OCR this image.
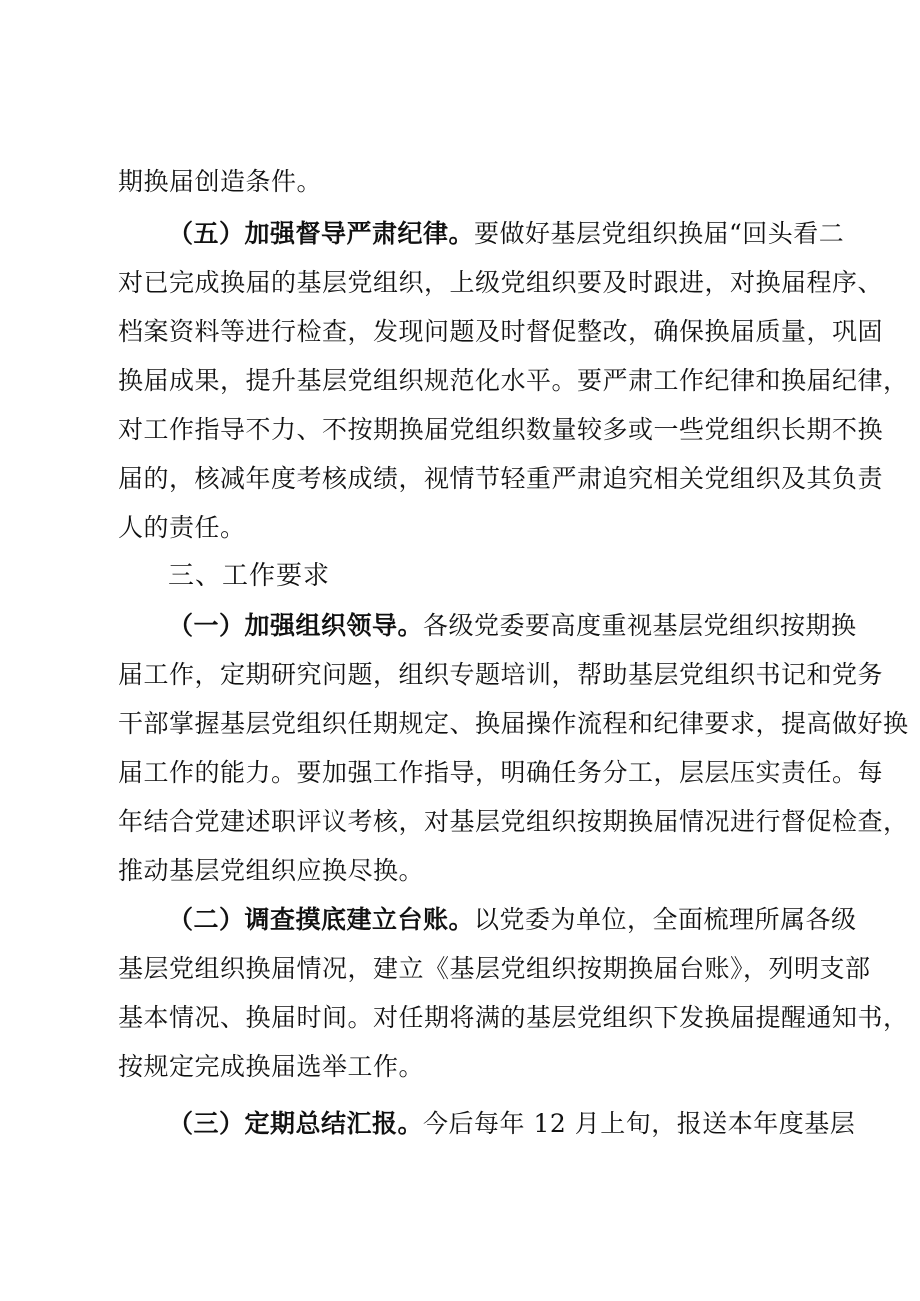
期换届创造条件。
（五）加强督导严肃纪律。要做好基层党组织换届“回头看二
对已完成换届的基层党组织，上级党组织要及时跟进，对换届程序、
档案资料等进行检查，发现问题及时督促整改，确保换届质量，巩固
换届成果，提升基层党组织规范化水平。要严肃工作纪律和换届纪律，
对工作指导不力、不按期换届党组织数量较多或一些党组织长期不换
届的，核减年度考核成绩，视情节轻重严肃追究相关党组织及其负责
人的责任。
三、工作要求
（一）加强组织领导。各级党委要高度重视基层党组织按期换
届工作，定期研究问题，组织专题培训，帮助基层党组织书记和党务
干部掌握基层党组织任期规定、换届操作流程和纪律要求，提高做好换
届工作的能力。要加强工作指导，明确任务分工，层层压实责任。每
年结合党建述职评议考核，对基层党组织按期换届情况进行督促检查，
推动基层党组织应换尽换。
（二）调查摸底建立台账。以党委为单位，全面梳理所属各级
基层党组织换届情况，建立《基层党组织按期换届台账》，列明支部
基本情况、换届时间。对任期将满的基层党组织下发换届提醒通知书，
按规定完成换届选举工作。
（三）定期总结汇报。今后每年 12 月上旬，报送本年度基层
